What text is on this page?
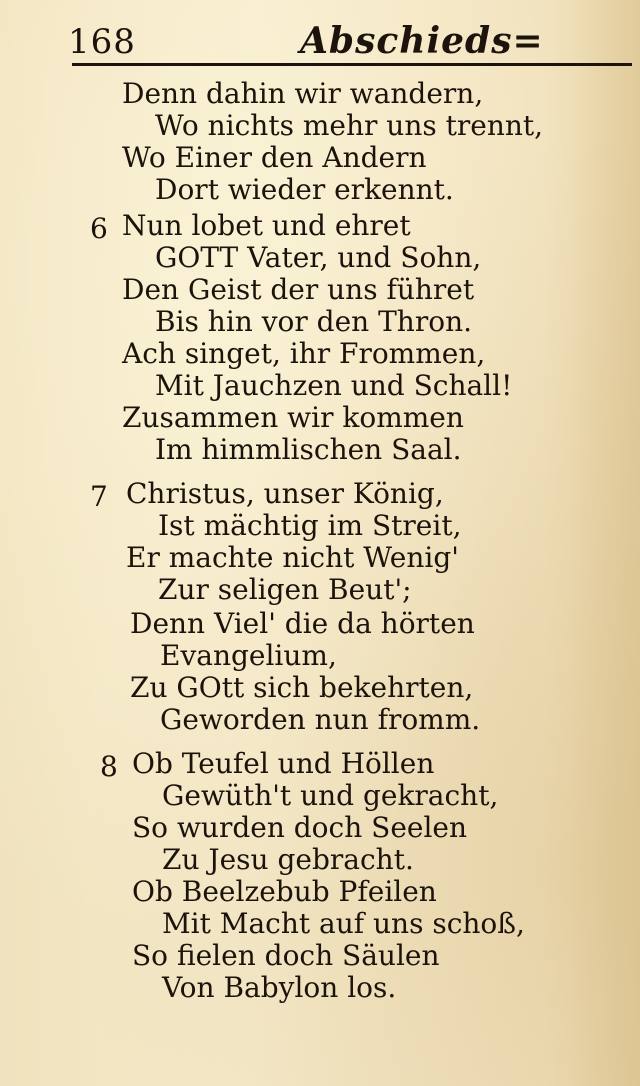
168	Abschieds=
Denn dahin wir wandern,
Wo nichts mehr uns trennt,
Wo Einer den Andern
Dort wieder erkennt.
6 Nun lobet und ehret
GOTT Vater, und Sohn,
Den Geist der uns führet
Bis hin vor den Thron.
Ach singet, ihr Frommen,
Mit Jauchzen und Schall!
Zusammen wir kommen
Im himmlischen Saal.
7 Christus, unser König,
Ist mächtig im Streit,
Er machte nicht Wenig'
Zur seligen Beut';
Denn Viel' die da hörten
Evangelium,
Zu GOtt sich bekehrten,
Geworden nun fromm.
8 Ob Teufel und Höllen
Gewüth't und gekracht,
So wurden doch Seelen
Zu Jesu gebracht.
Ob Beelzebub Pfeilen
Mit Macht auf uns schoß,
So fielen doch Säulen
Von Babylon los.
